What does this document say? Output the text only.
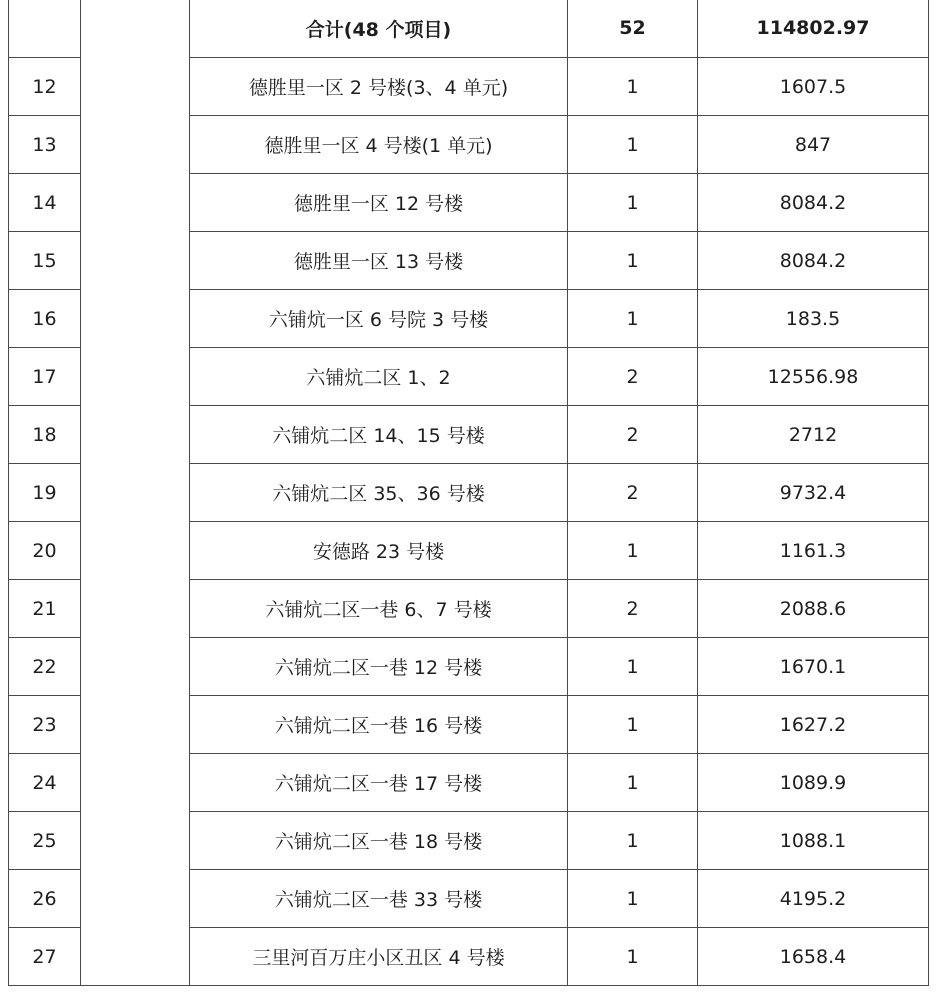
		合计(48 个项目)	52	114802.97
12		德胜里一区 2 号楼(3、4 单元)	1	1607.5
13		德胜里一区 4 号楼(1 单元)	1	847
14		德胜里一区 12 号楼	1	8084.2
15		德胜里一区 13 号楼	1	8084.2
16		六铺炕一区 6 号院 3 号楼	1	183.5
17		六铺炕二区 1、2	2	12556.98
18		六铺炕二区 14、15 号楼	2	2712
19		六铺炕二区 35、36 号楼	2	9732.4
20		安德路 23 号楼	1	1161.3
21		六铺炕二区一巷 6、7 号楼	2	2088.6
22		六铺炕二区一巷 12 号楼	1	1670.1
23		六铺炕二区一巷 16 号楼	1	1627.2
24		六铺炕二区一巷 17 号楼	1	1089.9
25		六铺炕二区一巷 18 号楼	1	1088.1
26		六铺炕二区一巷 33 号楼	1	4195.2
27		三里河百万庄小区丑区 4 号楼	1	1658.4
